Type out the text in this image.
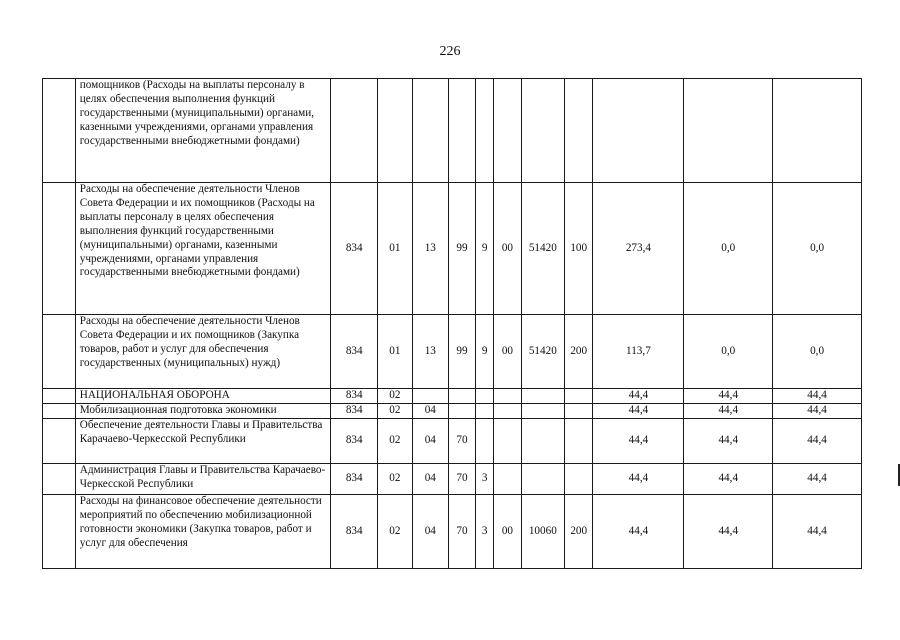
226
	помощников (Расходы на выплаты персоналу в целях обеспечения выполнения функций государственными (муниципальными) органами, казенными учреждениями, органами управления государственными внебюджетными фондами)											
	Расходы на обеспечение деятельности Членов Совета Федерации и их помощников (Расходы на выплаты персоналу в целях обеспечения выполнения функций государственными (муниципальными) органами, казенными учреждениями, органами управления государственными внебюджетными фондами)	834	01	13	99	9	00	51420	100	273,4	0,0	0,0
	Расходы на обеспечение деятельности Членов Совета Федерации и их помощников (Закупка товаров, работ и услуг для обеспечения государственных (муниципальных) нужд)	834	01	13	99	9	00	51420	200	113,7	0,0	0,0
	НАЦИОНАЛЬНАЯ ОБОРОНА	834	02							44,4	44,4	44,4
	Мобилизационная подготовка экономики	834	02	04						44,4	44,4	44,4
	Обеспечение деятельности Главы и Правительства Карачаево-Черкесской Республики	834	02	04	70					44,4	44,4	44,4
	Администрация Главы и Правительства Карачаево-Черкесской Республики	834	02	04	70	3				44,4	44,4	44,4
	Расходы на финансовое обеспечение деятельности мероприятий по обеспечению мобилизационной готовности экономики (Закупка товаров, работ и услуг для обеспечения	834	02	04	70	3	00	10060	200	44,4	44,4	44,4
